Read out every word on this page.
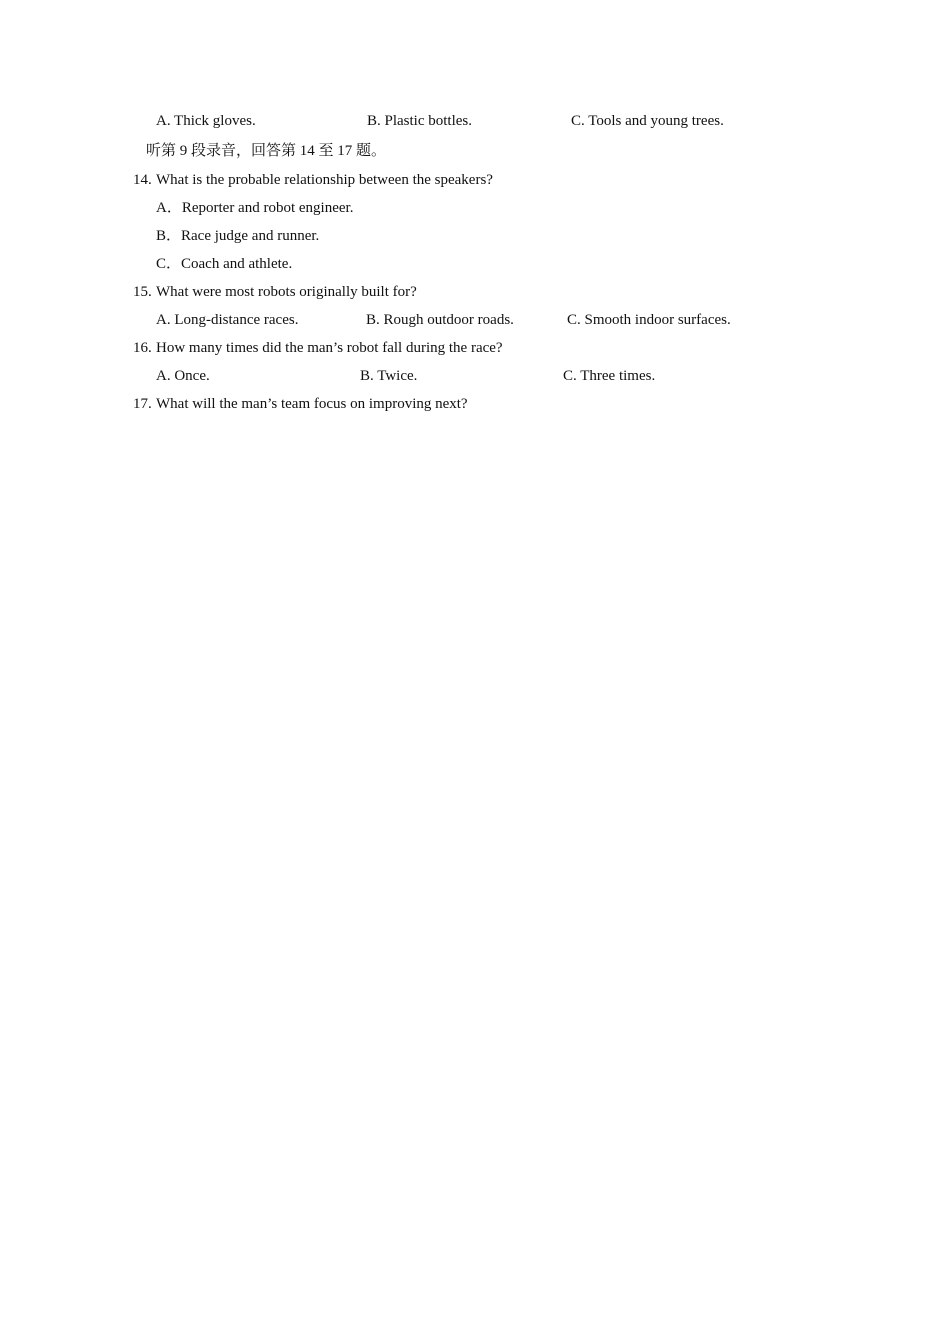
A. Thick gloves.	B. Plastic bottles.	C. Tools and young trees.
听第 9 段录音，回答第 14 至 17 题。
14. What is the probable relationship between the speakers?
A．Reporter and robot engineer.
B．Race judge and runner.
C．Coach and athlete.
15. What were most robots originally built for?
A. Long-distance races.	B. Rough outdoor roads.	C. Smooth indoor surfaces.
16. How many times did the man’s robot fall during the race?
A. Once.	B. Twice.	C. Three times.
17. What will the man’s team focus on improving next?
